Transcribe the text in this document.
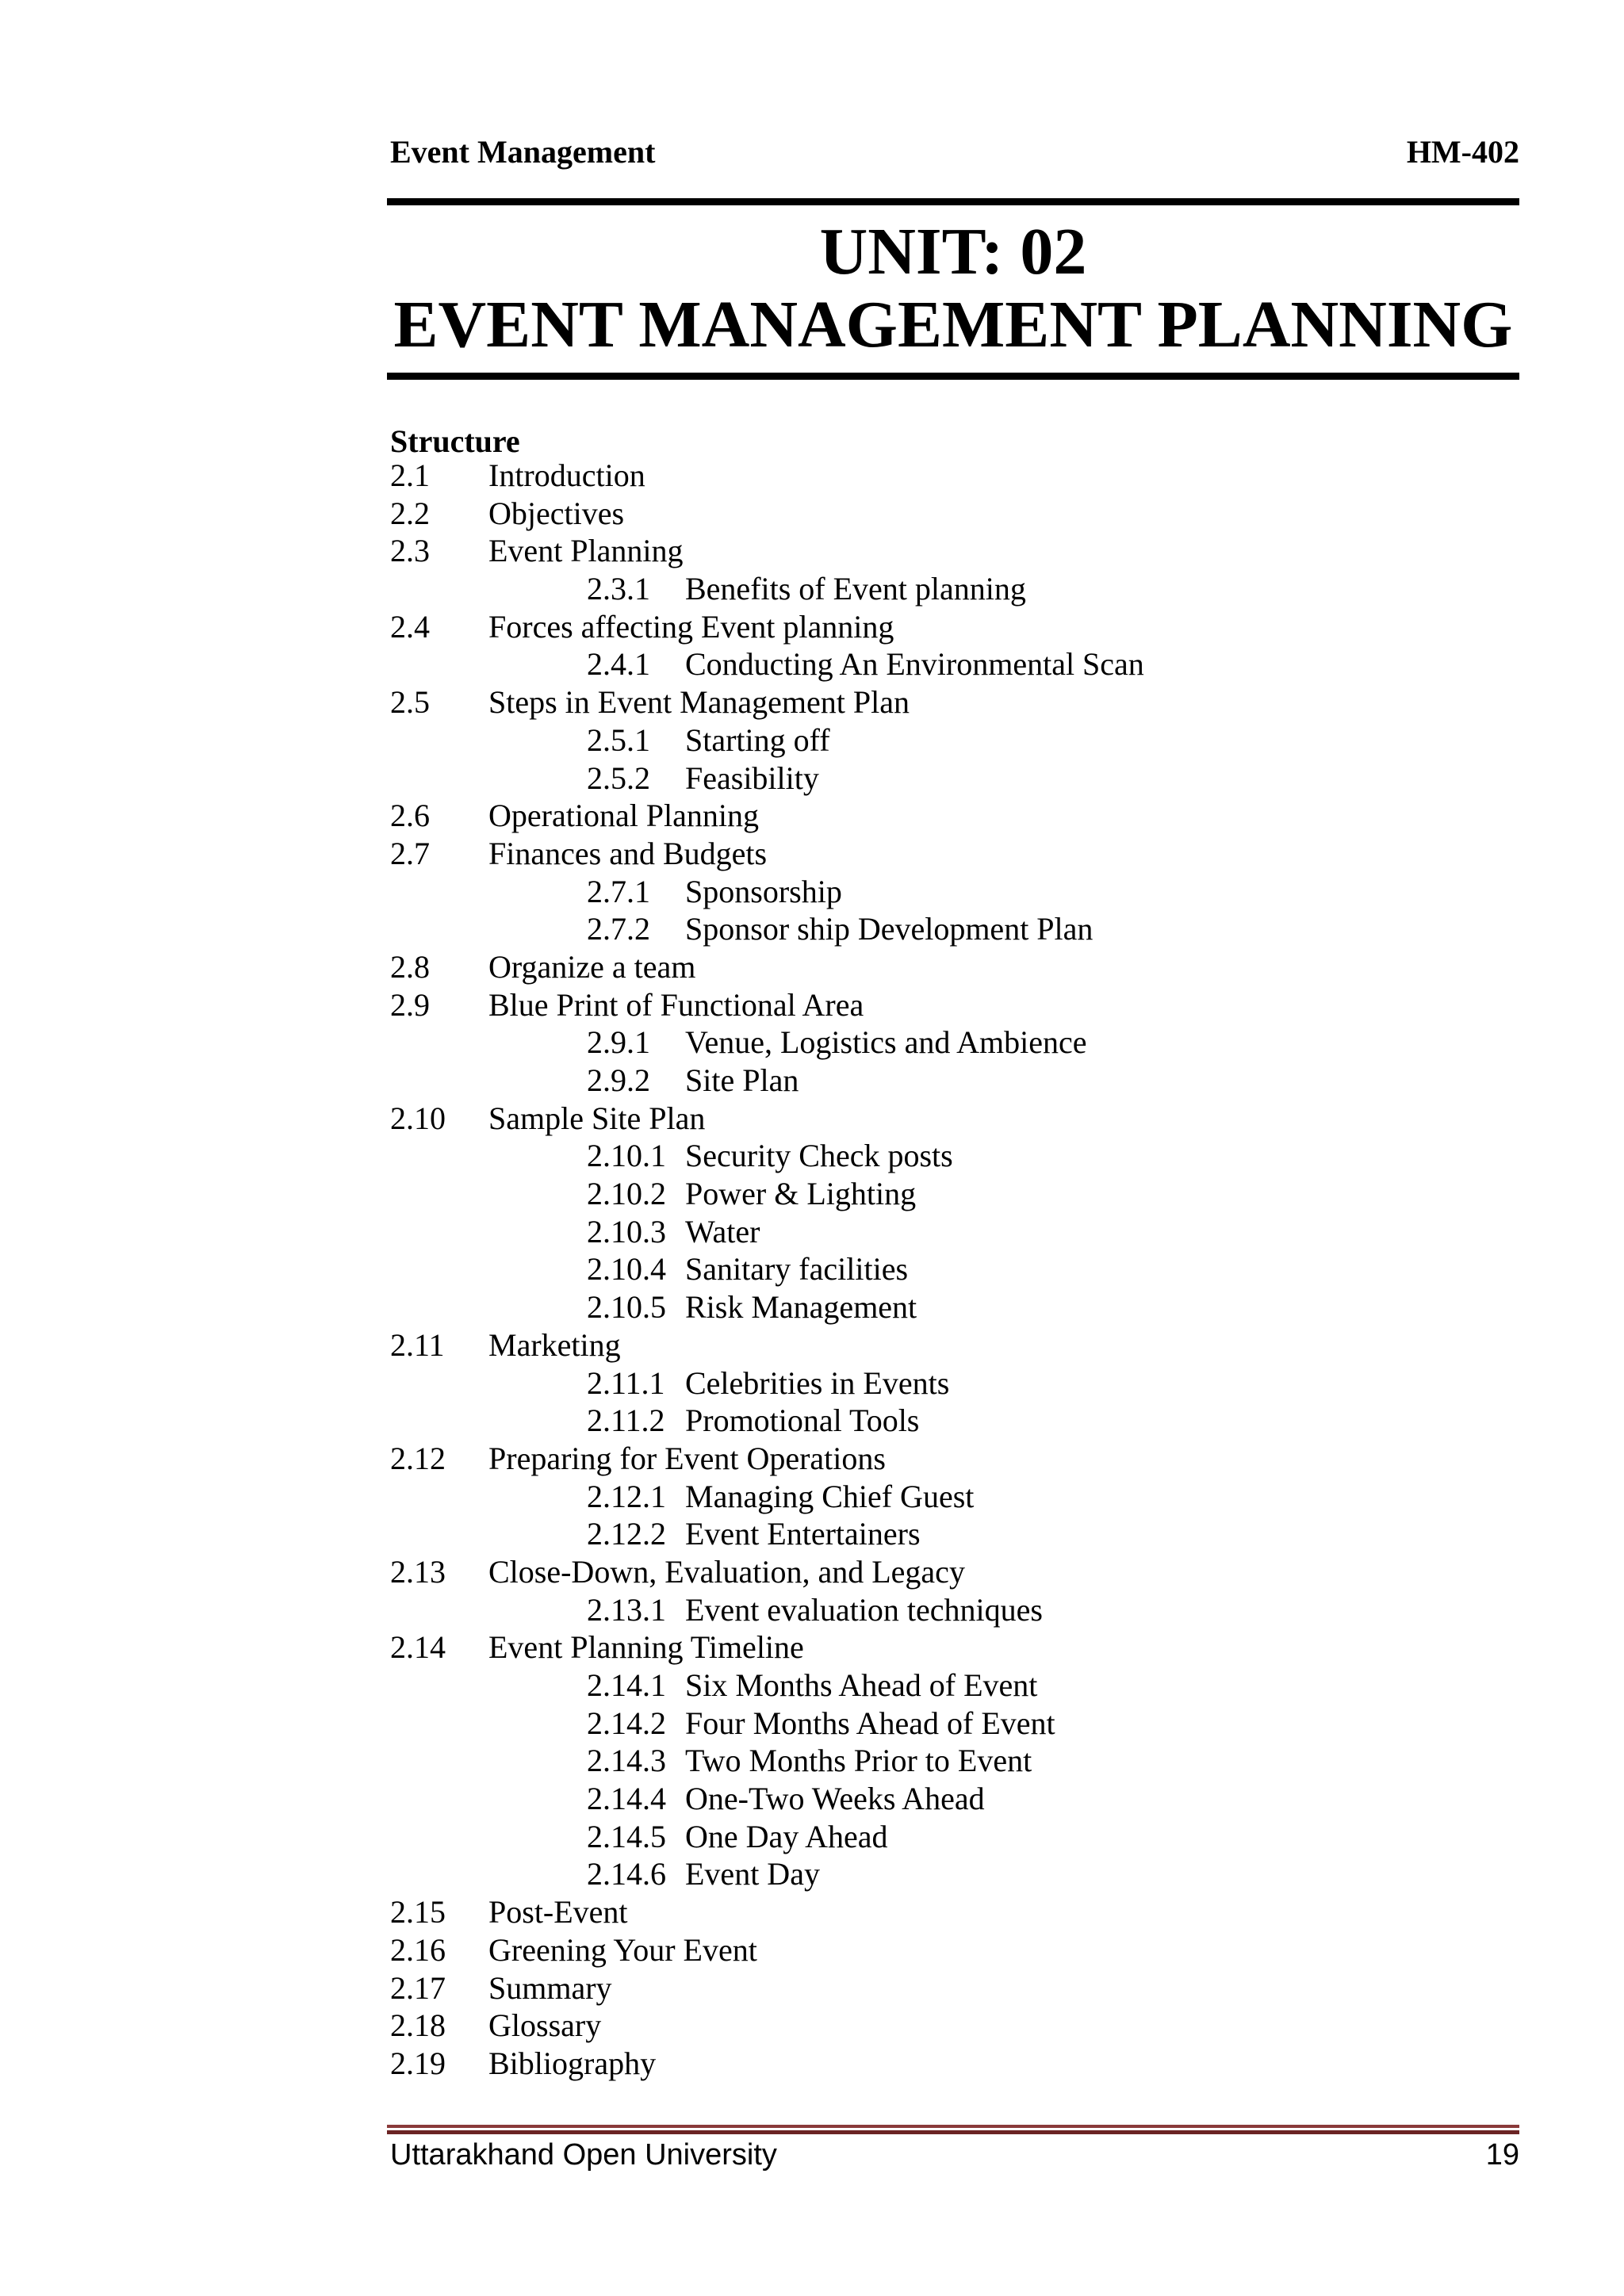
Event Management	HM-402
UNIT: 02
EVENT MANAGEMENT PLANNING
Structure
2.1 Introduction
2.2 Objectives
2.3 Event Planning
2.3.1 Benefits of Event planning
2.4 Forces affecting Event planning
2.4.1 Conducting An Environmental Scan
2.5 Steps in Event Management Plan
2.5.1 Starting off
2.5.2 Feasibility
2.6 Operational Planning
2.7 Finances and Budgets
2.7.1 Sponsorship
2.7.2 Sponsor ship Development Plan
2.8 Organize a team
2.9 Blue Print of Functional Area
2.9.1 Venue, Logistics and Ambience
2.9.2 Site Plan
2.10 Sample Site Plan
2.10.1 Security Check posts
2.10.2 Power & Lighting
2.10.3 Water
2.10.4 Sanitary facilities
2.10.5 Risk Management
2.11 Marketing
2.11.1 Celebrities in Events
2.11.2 Promotional Tools
2.12 Preparing for Event Operations
2.12.1 Managing Chief Guest
2.12.2 Event Entertainers
2.13 Close-Down, Evaluation, and Legacy
2.13.1 Event evaluation techniques
2.14 Event Planning Timeline
2.14.1 Six Months Ahead of Event
2.14.2 Four Months Ahead of Event
2.14.3 Two Months Prior to Event
2.14.4 One-Two Weeks Ahead
2.14.5 One Day Ahead
2.14.6 Event Day
2.15 Post-Event
2.16 Greening Your Event
2.17 Summary
2.18 Glossary
2.19 Bibliography
Uttarakhand Open University	19
